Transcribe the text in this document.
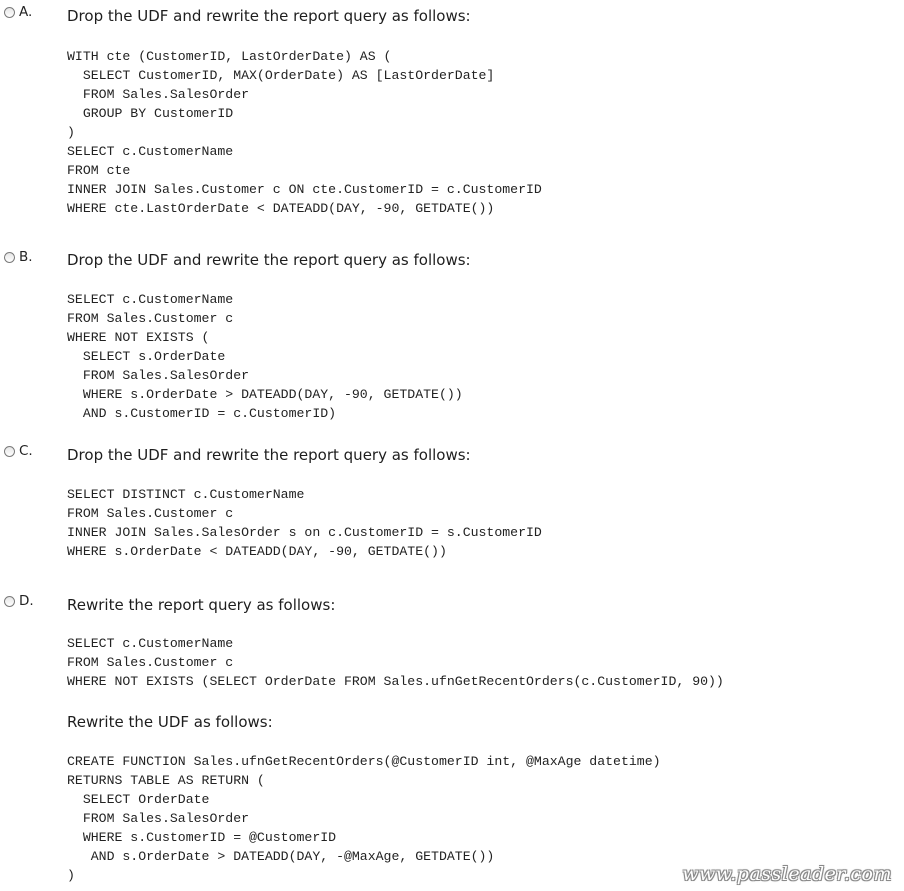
A. Drop the UDF and rewrite the report query as follows:
WITH cte (CustomerID, LastOrderDate) AS (
SELECT CustomerID, MAX(OrderDate) AS [LastOrderDate]
FROM Sales.SalesOrder
GROUP BY CustomerID
)
SELECT c.CustomerName
FROM cte
INNER JOIN Sales.Customer c ON cte.CustomerID = c.CustomerID
WHERE cte.LastOrderDate < DATEADD(DAY, -90, GETDATE())
B. Drop the UDF and rewrite the report query as follows:
SELECT c.CustomerName
FROM Sales.Customer c
WHERE NOT EXISTS (
SELECT s.OrderDate
FROM Sales.SalesOrder
WHERE s.OrderDate > DATEADD(DAY, -90, GETDATE())
AND s.CustomerID = c.CustomerID)
C. Drop the UDF and rewrite the report query as follows:
SELECT DISTINCT c.CustomerName
FROM Sales.Customer c
INNER JOIN Sales.SalesOrder s on c.CustomerID = s.CustomerID
WHERE s.OrderDate < DATEADD(DAY, -90, GETDATE())
D. Rewrite the report query as follows:
SELECT c.CustomerName
FROM Sales.Customer c
WHERE NOT EXISTS (SELECT OrderDate FROM Sales.ufnGetRecentOrders(c.CustomerID, 90))
Rewrite the UDF as follows:
CREATE FUNCTION Sales.ufnGetRecentOrders(@CustomerID int, @MaxAge datetime)
RETURNS TABLE AS RETURN (
SELECT OrderDate
FROM Sales.SalesOrder
WHERE s.CustomerID = @CustomerID
AND s.OrderDate > DATEADD(DAY, -@MaxAge, GETDATE())
)	www.passleader.com
